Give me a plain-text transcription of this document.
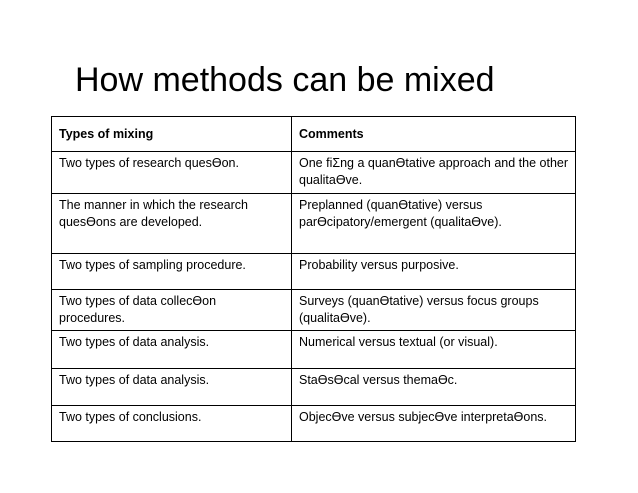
How methods can be mixed
Types of mixing	Comments
Two types of research quesƟon.	One ﬁƩng a quanƟtative approach and the other qualitaƟve.
The manner in which the research quesƟons are developed.	Preplanned (quanƟtative) versus parƟcipatory/emergent (qualitaƟve).
Two types of sampling procedure.	Probability versus purposive.
Two types of data collecƟon procedures.	Surveys (quanƟtative) versus focus groups (qualitaƟve).
Two types of data analysis.	Numerical versus textual (or visual).
Two types of data analysis.	StaƟsƟcal versus themaƟc.
Two types of conclusions.	ObjecƟve versus subjecƟve interpretaƟons.
